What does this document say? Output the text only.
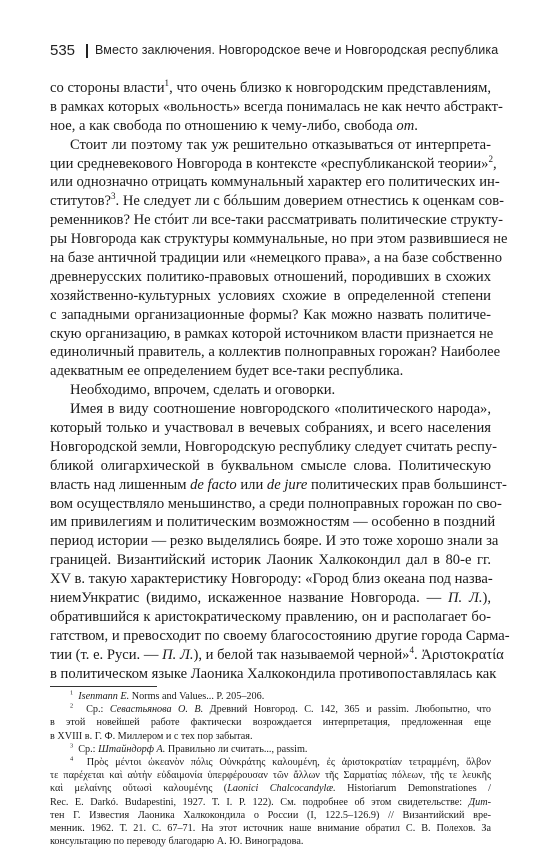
535 Вместо заключения. Новгородское вече и Новгородская республика
со стороны власти$^1$, что очень близко к новгородским представлениям,
в рамках которых «вольность» всегда понималась не как нечто абстракт-
ное, а как свобода по отношению к чему-либо, свобода от.
Стоит ли поэтому так уж решительно отказываться от интерпрета-
ции средневекового Новгорода в контексте «республиканской теории»$^2$,
или однозначно отрицать коммунальный характер его политических ин-
ститутов?$^3$. Не следует ли с бóльшим доверием отнестись к оценкам сов-
ременников? Не стóит ли все-таки рассматривать политические структу-
ры Новгорода как структуры коммунальные, но при этом развившиеся не
на базе античной традиции или «немецкого права», а на базе собственно
древнерусских политико-правовых отношений, породивших в схожих
хозяйственно-культурных условиях схожие в определенной степени
с западными организационные формы? Как можно назвать политиче-
скую организацию, в рамках которой источником власти признается не
единоличный правитель, а коллектив полноправных горожан? Наиболее
адекватным ее определением будет все-таки республика.
Необходимо, впрочем, сделать и оговорки.
Имея в виду соотношение новгородского «политического народа»,
который только и участвовал в вечевых собраниях, и всего населения
Новгородской земли, Новгородскую республику следует считать респу-
бликой олигархической в буквальном смысле слова. Политическую
власть над лишенным de facto или de jure политических прав большинст-
вом осуществляло меньшинство, а среди полноправных горожан по сво-
им привилегиям и политическим возможностям — особенно в поздний
период истории — резко выделялись бояре. И это тоже хорошо знали за
границей. Византийский историк Лаоник Халкокондил дал в 80-е гг.
XV в. такую характеристику Новгороду: «Город близ океана под назва-
ниемУнкратис (видимо, искаженное название Новгорода. — П. Л.),
обратившийся к аристократическому правлению, он и располагает бо-
гатством, и превосходит по своему благосостоянию другие города Сарма-
тии (т. е. Руси. — П. Л.), и белой так называемой черной»$^4$. Ἀριστοκρατία
в политическом языке Лаоника Халкокондила противопоставлялась как
$^1$ Isenmann E. Norms and Values... P. 205–206.
$^2$  Ср.: Севастьянова О. В. Древний Новгород. С. 142, 365 и passim. Любопытно, что
в этой новейшей работе фактически возрождается интерпретация, предложенная еще
в XVIII в. Г. Ф. Миллером и с тех пор забытая.
$^3$  Ср.: Штайндорф А. Правильно ли считать..., passim.
$^4$  Πρὸς μέντοι ὠκεανὸν πόλις Οὐνκράτης καλουμένη, ἐς ἀριστοκρατίαν τετραμμένη, ὄλβον
τε παρέχεται καὶ αὐτὴν εὐδαιμονία ὑπερφέρουσαν τῶν ἄλλων τῆς Σαρματίας πόλεων, τῆς τε λευκῆς
καὶ μελαίνης οὕτωσὶ καλουμένης (Laonici Chalcocandylæ. Historiarum Demonstrationes /
Rec. E. Darkó. Budapestini, 1927. T. I. P. 122). См. подробнее об этом свидетельстве: Дит-
тен Г. Известия Лаоника Халкокондила о России (I, 122.5–126.9) // Византийский вре-
менник. 1962. Т. 21. С. 67–71. На этот источник наше внимание обратил С. В. Полехов. За
консультацию по переводу благодарю А. Ю. Виноградова.
